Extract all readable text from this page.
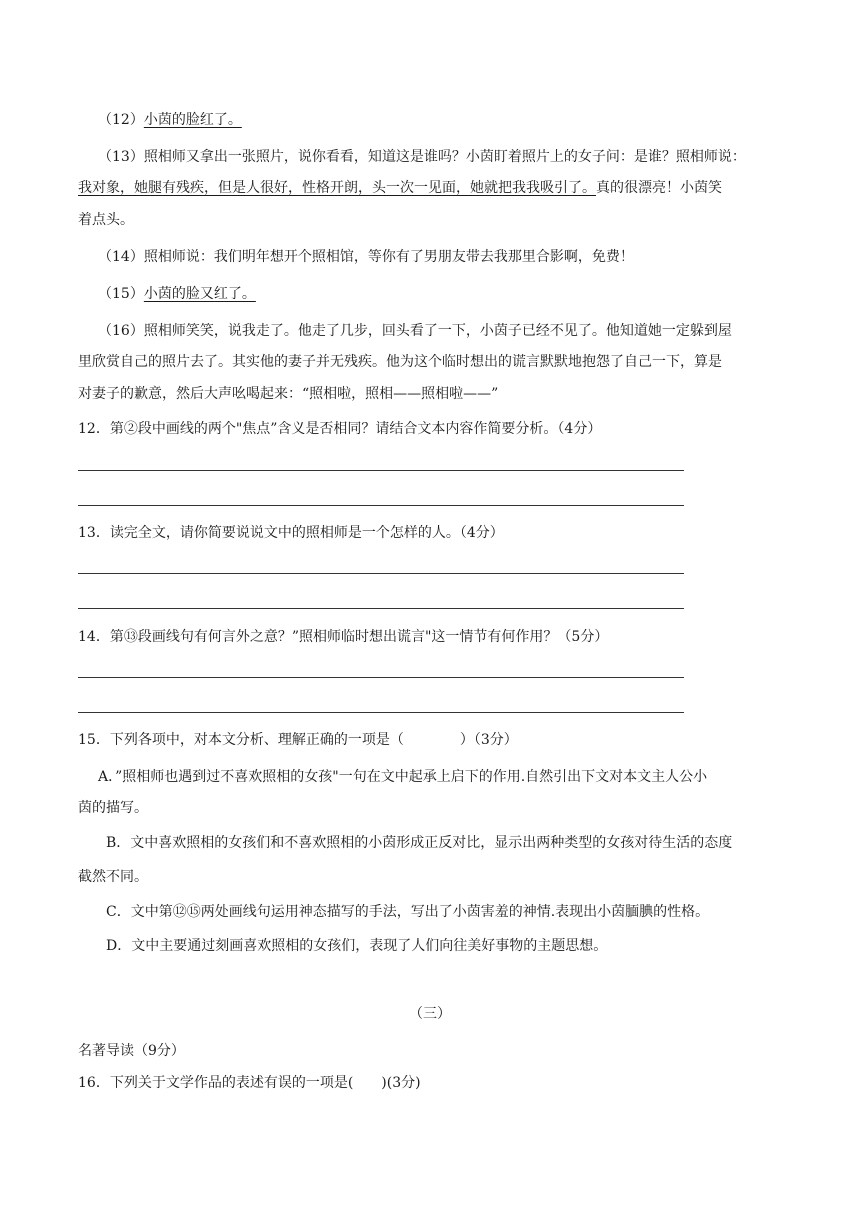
（12）小茵的脸红了。
（13）照相师又拿出一张照片，说你看看，知道这是谁吗？小茵盯着照片上的女子问：是谁？照相师说：
我对象，她腿有残疾，但是人很好，性格开朗，头一次一见面，她就把我我吸引了。真的很漂亮！小茵笑
着点头。
（14）照相师说：我们明年想开个照相馆，等你有了男朋友带去我那里合影啊，免费！
（15）小茵的脸又红了。
（16）照相师笑笑，说我走了。他走了几步，回头看了一下，小茵子已经不见了。他知道她一定躲到屋
里欣赏自己的照片去了。其实他的妻子并无残疾。他为这个临时想出的谎言默默地抱怨了自己一下，算是
对妻子的歉意，然后大声吆喝起来：“照相啦，照相——照相啦——”
12．第②段中画线的两个"焦点”含义是否相同？请结合文本内容作简要分析。（4分）
13．读完全文，请你简要说说文中的照相师是一个怎样的人。（4分）
14．第⑬段画线句有何言外之意？”照相师临时想出谎言"这一情节有何作用？（5分）
15．下列各项中，对本文分析、理解正确的一项是（　　　　）（3分）
A．”照相师也遇到过不喜欢照相的女孩"一句在文中起承上启下的作用.自然引出下文对本文主人公小
茵的描写。
B．文中喜欢照相的女孩们和不喜欢照相的小茵形成正反对比，显示出两种类型的女孩对待生活的态度
截然不同。
C．文中第⑫⑮两处画线句运用神态描写的手法，写出了小茵害羞的神情.表现出小茵腼腆的性格。
D．文中主要通过刻画喜欢照相的女孩们，表现了人们向往美好事物的主题思想。
（三）
名著导读（9分）
16．下列关于文学作品的表述有误的一项是(　　)(3分)
